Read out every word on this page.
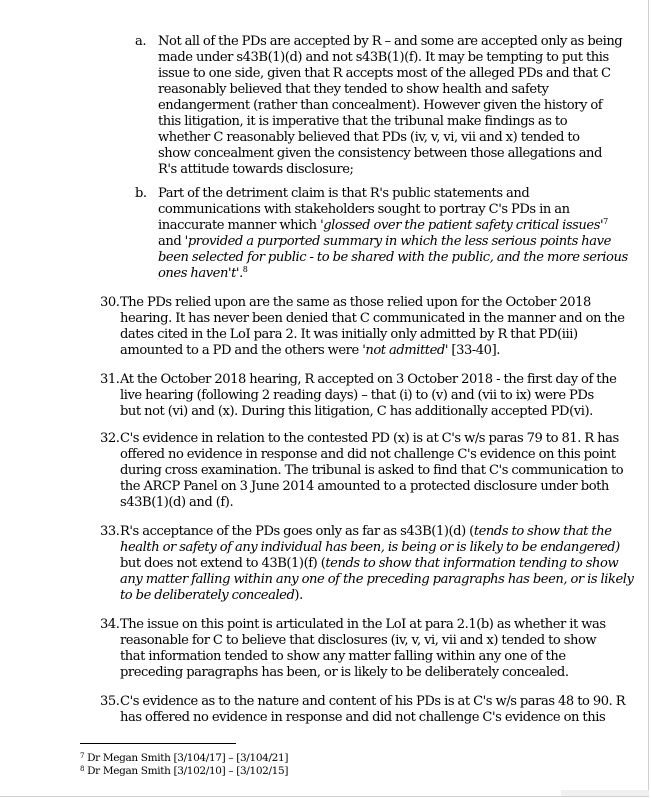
a. Not all of the PDs are accepted by R – and some are accepted only as being
made under s43B(1)(d) and not s43B(1)(f). It may be tempting to put this
issue to one side, given that R accepts most of the alleged PDs and that C
reasonably believed that they tended to show health and safety
endangerment (rather than concealment). However given the history of
this litigation, it is imperative that the tribunal make findings as to
whether C reasonably believed that PDs (iv, v, vi, vii and x) tended to
show concealment given the consistency between those allegations and
R's attitude towards disclosure;
b. Part of the detriment claim is that R's public statements and
communications with stakeholders sought to portray C's PDs in an
inaccurate manner which 'glossed over the patient safety critical $issues'^7$
and 'provided a purported summary in which the less serious points have
been selected for public - to be shared with the public, and the more serious
ones haven't'.$^8$
30. The PDs relied upon are the same as those relied upon for the October 2018
hearing. It has never been denied that C communicated in the manner and on the
dates cited in the LoI para 2. It was initially only admitted by R that PD(iii)
amounted to a PD and the others were 'not admitted' [33-40].
31. At the October 2018 hearing, R accepted on 3 October 2018 - the first day of the
live hearing (following 2 reading days) – that (i) to (v) and (vii to ix) were PDs
but not (vi) and (x). During this litigation, C has additionally accepted PD(vi).
32. C's evidence in relation to the contested PD (x) is at C's w/s paras 79 to 81. R has
offered no evidence in response and did not challenge C's evidence on this point
during cross examination. The tribunal is asked to find that C's communication to
the ARCP Panel on 3 June 2014 amounted to a protected disclosure under both
s43B(1)(d) and (f).
33. R's acceptance of the PDs goes only as far as s43B(1)(d) (tends to show that the
health or safety of any individual has been, is being or is likely to be endangered)
but does not extend to 43B(1)(f) (tends to show that information tending to show
any matter falling within any one of the preceding paragraphs has been, or is likely
to be deliberately concealed).
34. The issue on this point is articulated in the LoI at para 2.1(b) as whether it was
reasonable for C to believe that disclosures (iv, v, vi, vii and x) tended to show
that information tended to show any matter falling within any one of the
preceding paragraphs has been, or is likely to be deliberately concealed.
35. C's evidence as to the nature and content of his PDs is at C's w/s paras 48 to 90. R
has offered no evidence in response and did not challenge C's evidence on this
$^7$ Dr Megan Smith [3/104/17] – [3/104/21]
$^8$ Dr Megan Smith [3/102/10] – [3/102/15]
